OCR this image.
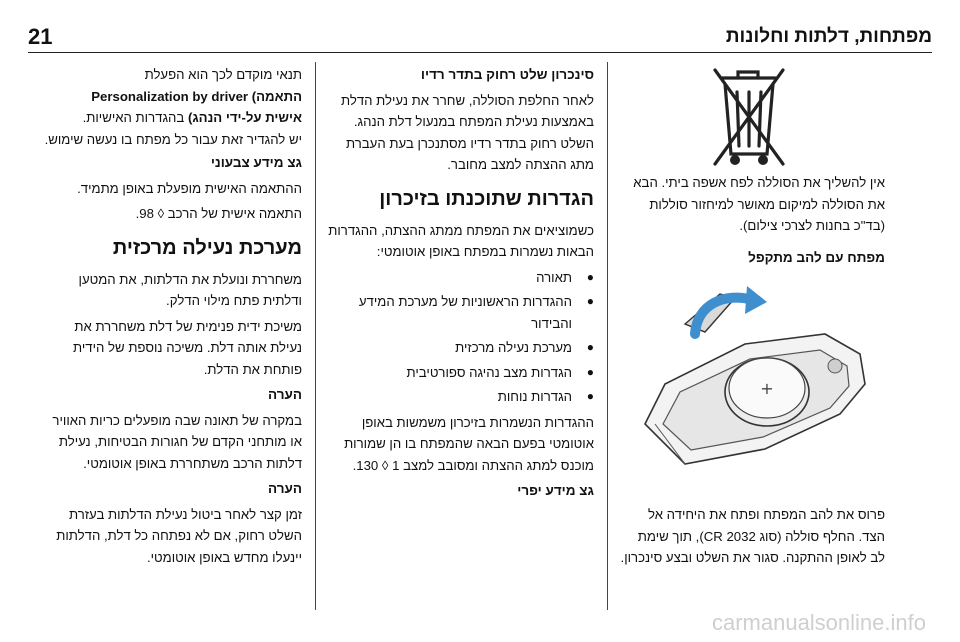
מפתחות, דלתות וחלונות
21

אין להשליך את הסוללה לפח אשפה ביתי. הבא את הסוללה למיקום מאושר למיחזור סוללות (בד"כ בחנות לצרכי צילום).

מפתח עם להב מתקפל
+

פרוס את להב המפתח ופתח את היחידה אל הצד. החלף סוללה (סוג CR 2032), תוך שימת לב לאופן ההתקנה. סגור את השלט ובצע סינכרון.

סינכרון שלט רחוק בתדר רדיו

לאחר החלפת הסוללה, שחרר את נעילת הדלת באמצעות נעילת המפתח במנעול דלת הנהג. השלט רחוק בתדר רדיו מסתנכרן בעת העברת מתג ההצתה למצב מחובר.

הגדרות שתוכנתו בזיכרון

כשמוציאים את המפתח ממתג ההצתה, ההגדרות הבאות נשמרות במפתח באופן אוטומטי:

● תאורה
● ההגדרות הראשוניות של מערכת המידע והבידור
● מערכת נעילה מרכזית
● הגדרות מצב נהיגה ספורטיבית
● הגדרות נוחות

ההגדרות הנשמרות בזיכרון משמשות באופן אוטומטי בפעם הבאה שהמפתח בו הן שמורות מוכנס למתג ההצתה ומסובב למצב 1 ◊ 130.

גצ מידע יפרי

תנאי מוקדם לכך הוא הפעלת
Personalization by driver (התאמה
אישית על-ידי הנהג) בהגדרות האישיות.
יש להגדיר זאת עבור כל מפתח בו נעשה שימוש.

גצ מידע צבעוני

ההתאמה האישית מופעלת באופן מתמיד.

התאמה אישית של הרכב ◊ 98.

מערכת נעילה מרכזית

משחררת ונועלת את הדלתות, את המטען ודלתית פתח מילוי הדלק.

משיכת ידית פנימית של דלת משחררת את נעילת אותה דלת. משיכה נוספת של הידית פותחת את הדלת.

הערה

במקרה של תאונה שבה מופעלים כריות האוויר או מותחני הקדם של חגורות הבטיחות, נעילת דלתות הרכב משתחררת באופן אוטומטי.

הערה

זמן קצר לאחר ביטול נעילת הדלתות בעזרת השלט רחוק, אם לא נפתחה כל דלת, הדלתות יינעלו מחדש באופן אוטומטי.

carmanualsonline.info
